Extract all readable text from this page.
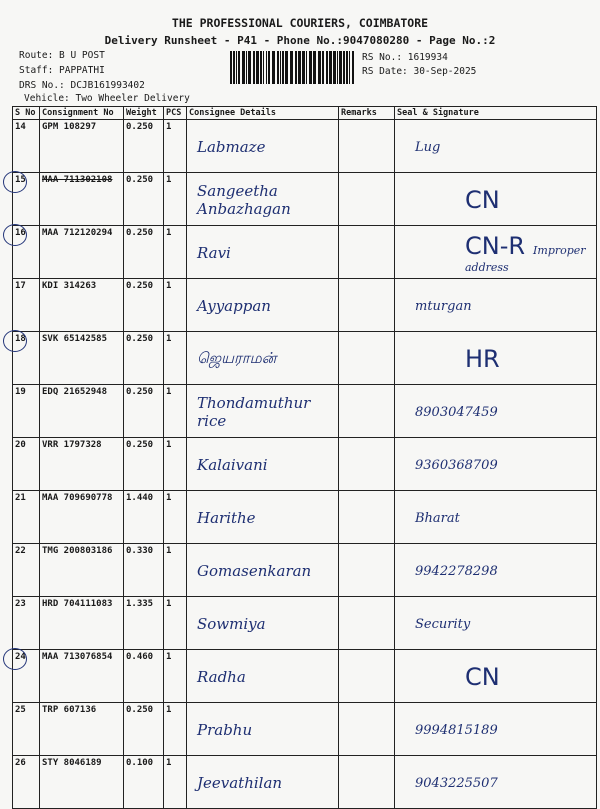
THE PROFESSIONAL COURIERS, COIMBATORE
Delivery Runsheet - P41 - Phone No.:9047080280 - Page No.:2
Route: B U POST
Staff: PAPPATHI
DRS No.: DCJB161993402
Vehicle: Two Wheeler Delivery
RS No.: 1619934
RS Date: 30-Sep-2025
S No	Consignment No	Weight	PCS	Consignee Details	Remarks	Seal & Signature
14	GPM 108297	0.250	1	Labmaze		Lug
15	MAA 711302108	0.250	1	Sangeetha Anbazhagan		CN
16	MAA 712120294	0.250	1	Ravi		CN-R Improper address
17	KDI 314263	0.250	1	Ayyappan		mturgan
18	SVK 65142585	0.250	1	ஜெயராமன்		HR
19	EDQ 21652948	0.250	1	Thondamuthur rice		8903047459
20	VRR 1797328	0.250	1	Kalaivani		9360368709
21	MAA 709690778	1.440	1	Harithe		Bharat
22	TMG 200803186	0.330	1	Gomasenkaran		9942278298
23	HRD 704111083	1.335	1	Sowmiya		Security
24	MAA 713076854	0.460	1	Radha		CN
25	TRP 607136	0.250	1	Prabhu		9994815189
26	STY 8046189	0.100	1	Jeevathilan		9043225507
